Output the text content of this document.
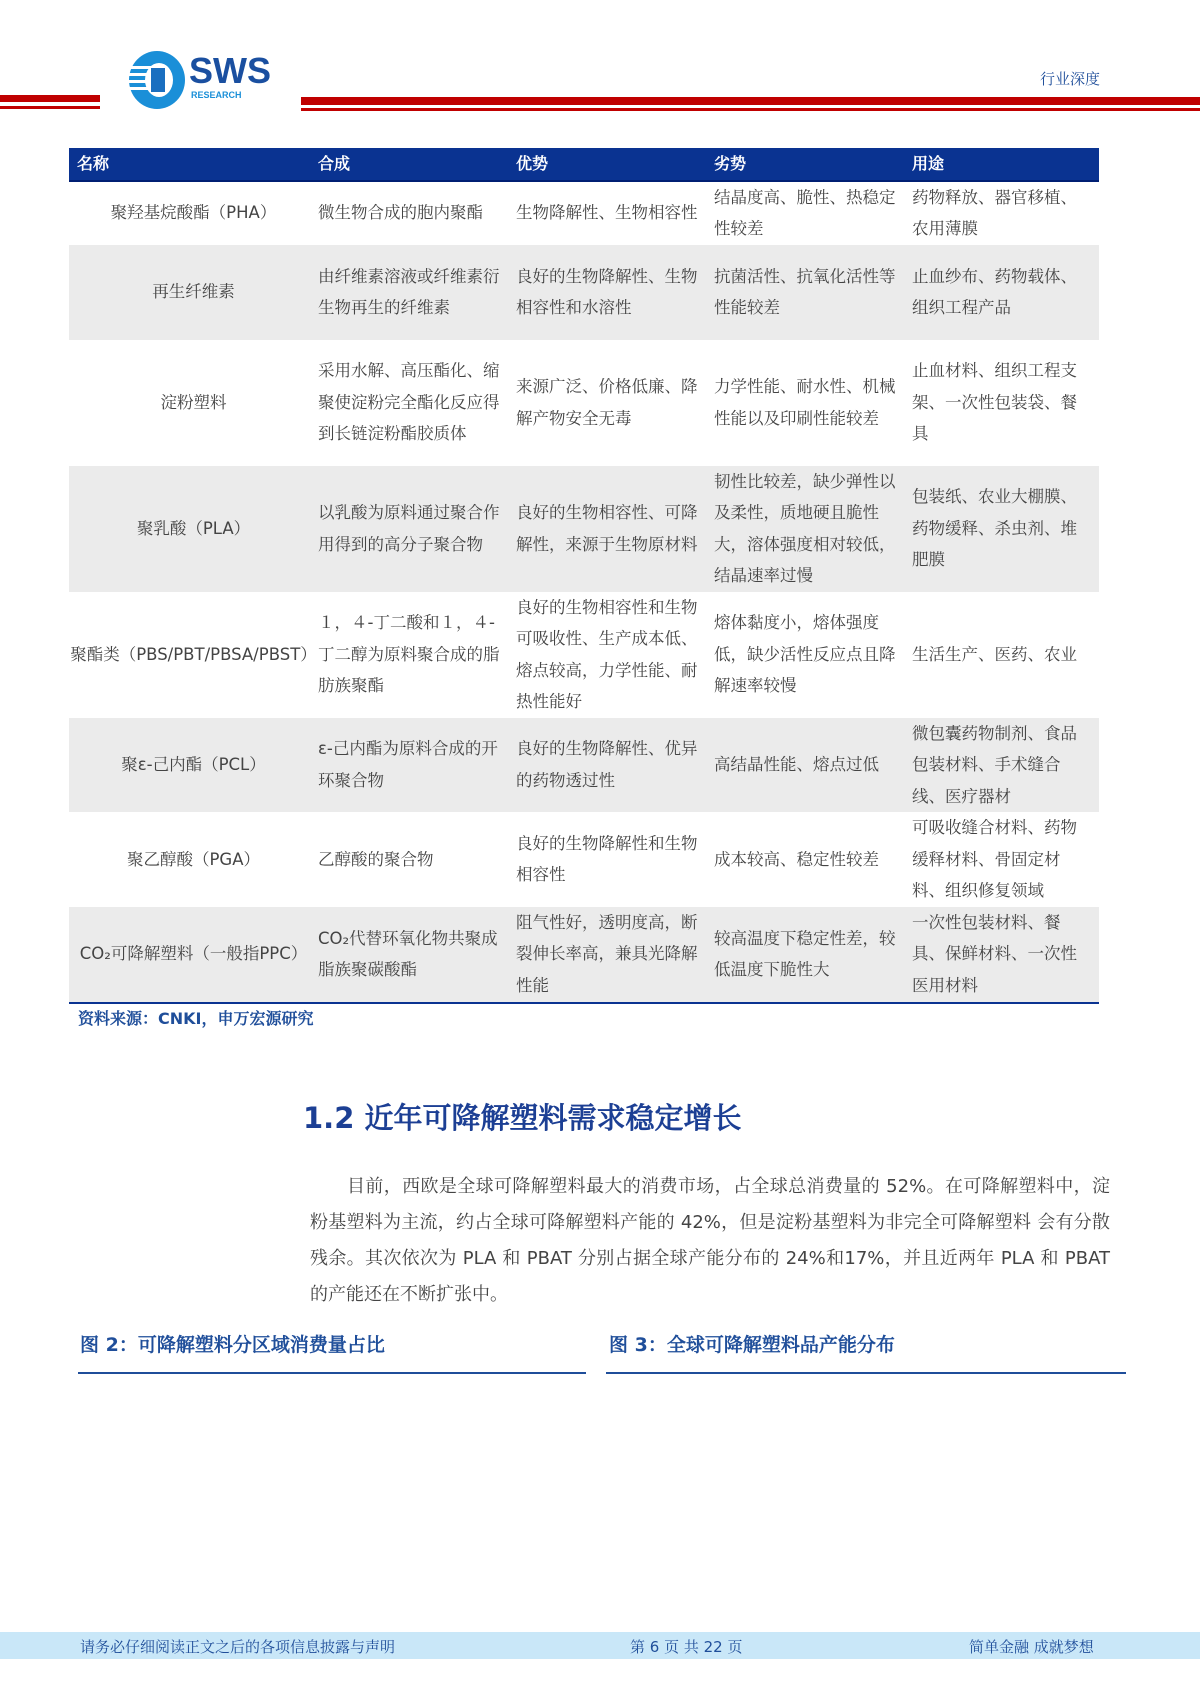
SWS
RESEARCH
行业深度
名称	合成	优势	劣势	用途
聚羟基烷酸酯（PHA）	微生物合成的胞内聚酯	生物降解性、生物相容性	结晶度高、脆性、热稳定性较差	药物释放、器官移植、农用薄膜
再生纤维素	由纤维素溶液或纤维素衍生物再生的纤维素	良好的生物降解性、生物相容性和水溶性	抗菌活性、抗氧化活性等性能较差	止血纱布、药物载体、组织工程产品
淀粉塑料	采用水解、高压酯化、缩聚使淀粉完全酯化反应得到长链淀粉酯胶质体	来源广泛、价格低廉、降解产物安全无毒	力学性能、耐水性、机械性能以及印刷性能较差	止血材料、组织工程支架、一次性包装袋、餐具
聚乳酸（PLA）	以乳酸为原料通过聚合作用得到的高分子聚合物	良好的生物相容性、可降解性，来源于生物原材料	韧性比较差，缺少弹性以及柔性，质地硬且脆性大，溶体强度相对较低，结晶速率过慢	包装纸、农业大棚膜、药物缓释、杀虫剂、堆肥膜
聚酯类（PBS/PBT/PBSA/PBST）	１，４-丁二酸和１，４-丁二醇为原料聚合成的脂肪族聚酯	良好的生物相容性和生物可吸收性、生产成本低、熔点较高，力学性能、耐热性能好	熔体黏度小，熔体强度低，缺少活性反应点且降解速率较慢	生活生产、医药、农业
聚ε-己内酯（PCL）	ε-己内酯为原料合成的开环聚合物	良好的生物降解性、优异的药物透过性	高结晶性能、熔点过低	微包囊药物制剂、食品包装材料、手术缝合线、医疗器材
聚乙醇酸（PGA）	乙醇酸的聚合物	良好的生物降解性和生物相容性	成本较高、稳定性较差	可吸收缝合材料、药物缓释材料、骨固定材料、组织修复领域
CO₂可降解塑料（一般指PPC）	CO₂代替环氧化物共聚成脂族聚碳酸酯	阻气性好，透明度高，断裂伸长率高，兼具光降解性能	较高温度下稳定性差，较低温度下脆性大	一次性包装材料、餐具、保鲜材料、一次性医用材料
资料来源：CNKI，申万宏源研究
1.2 近年可降解塑料需求稳定增长

目前，西欧是全球可降解塑料最大的消费市场，占全球总消费量的 52%。在可降解塑料中，淀粉基塑料为主流，约占全球可降解塑料产能的 42%，但是淀粉基塑料为非完全可降解塑料 会有分散残余。其次依次为 PLA 和 PBAT 分别占据全球产能分布的 24%和17%，并且近两年 PLA 和 PBAT 的产能还在不断扩张中。

图 2：可降解塑料分区域消费量占比	图 3：全球可降解塑料品产能分布
请务必仔细阅读正文之后的各项信息披露与声明	第 6 页 共 22 页	简单金融 成就梦想
